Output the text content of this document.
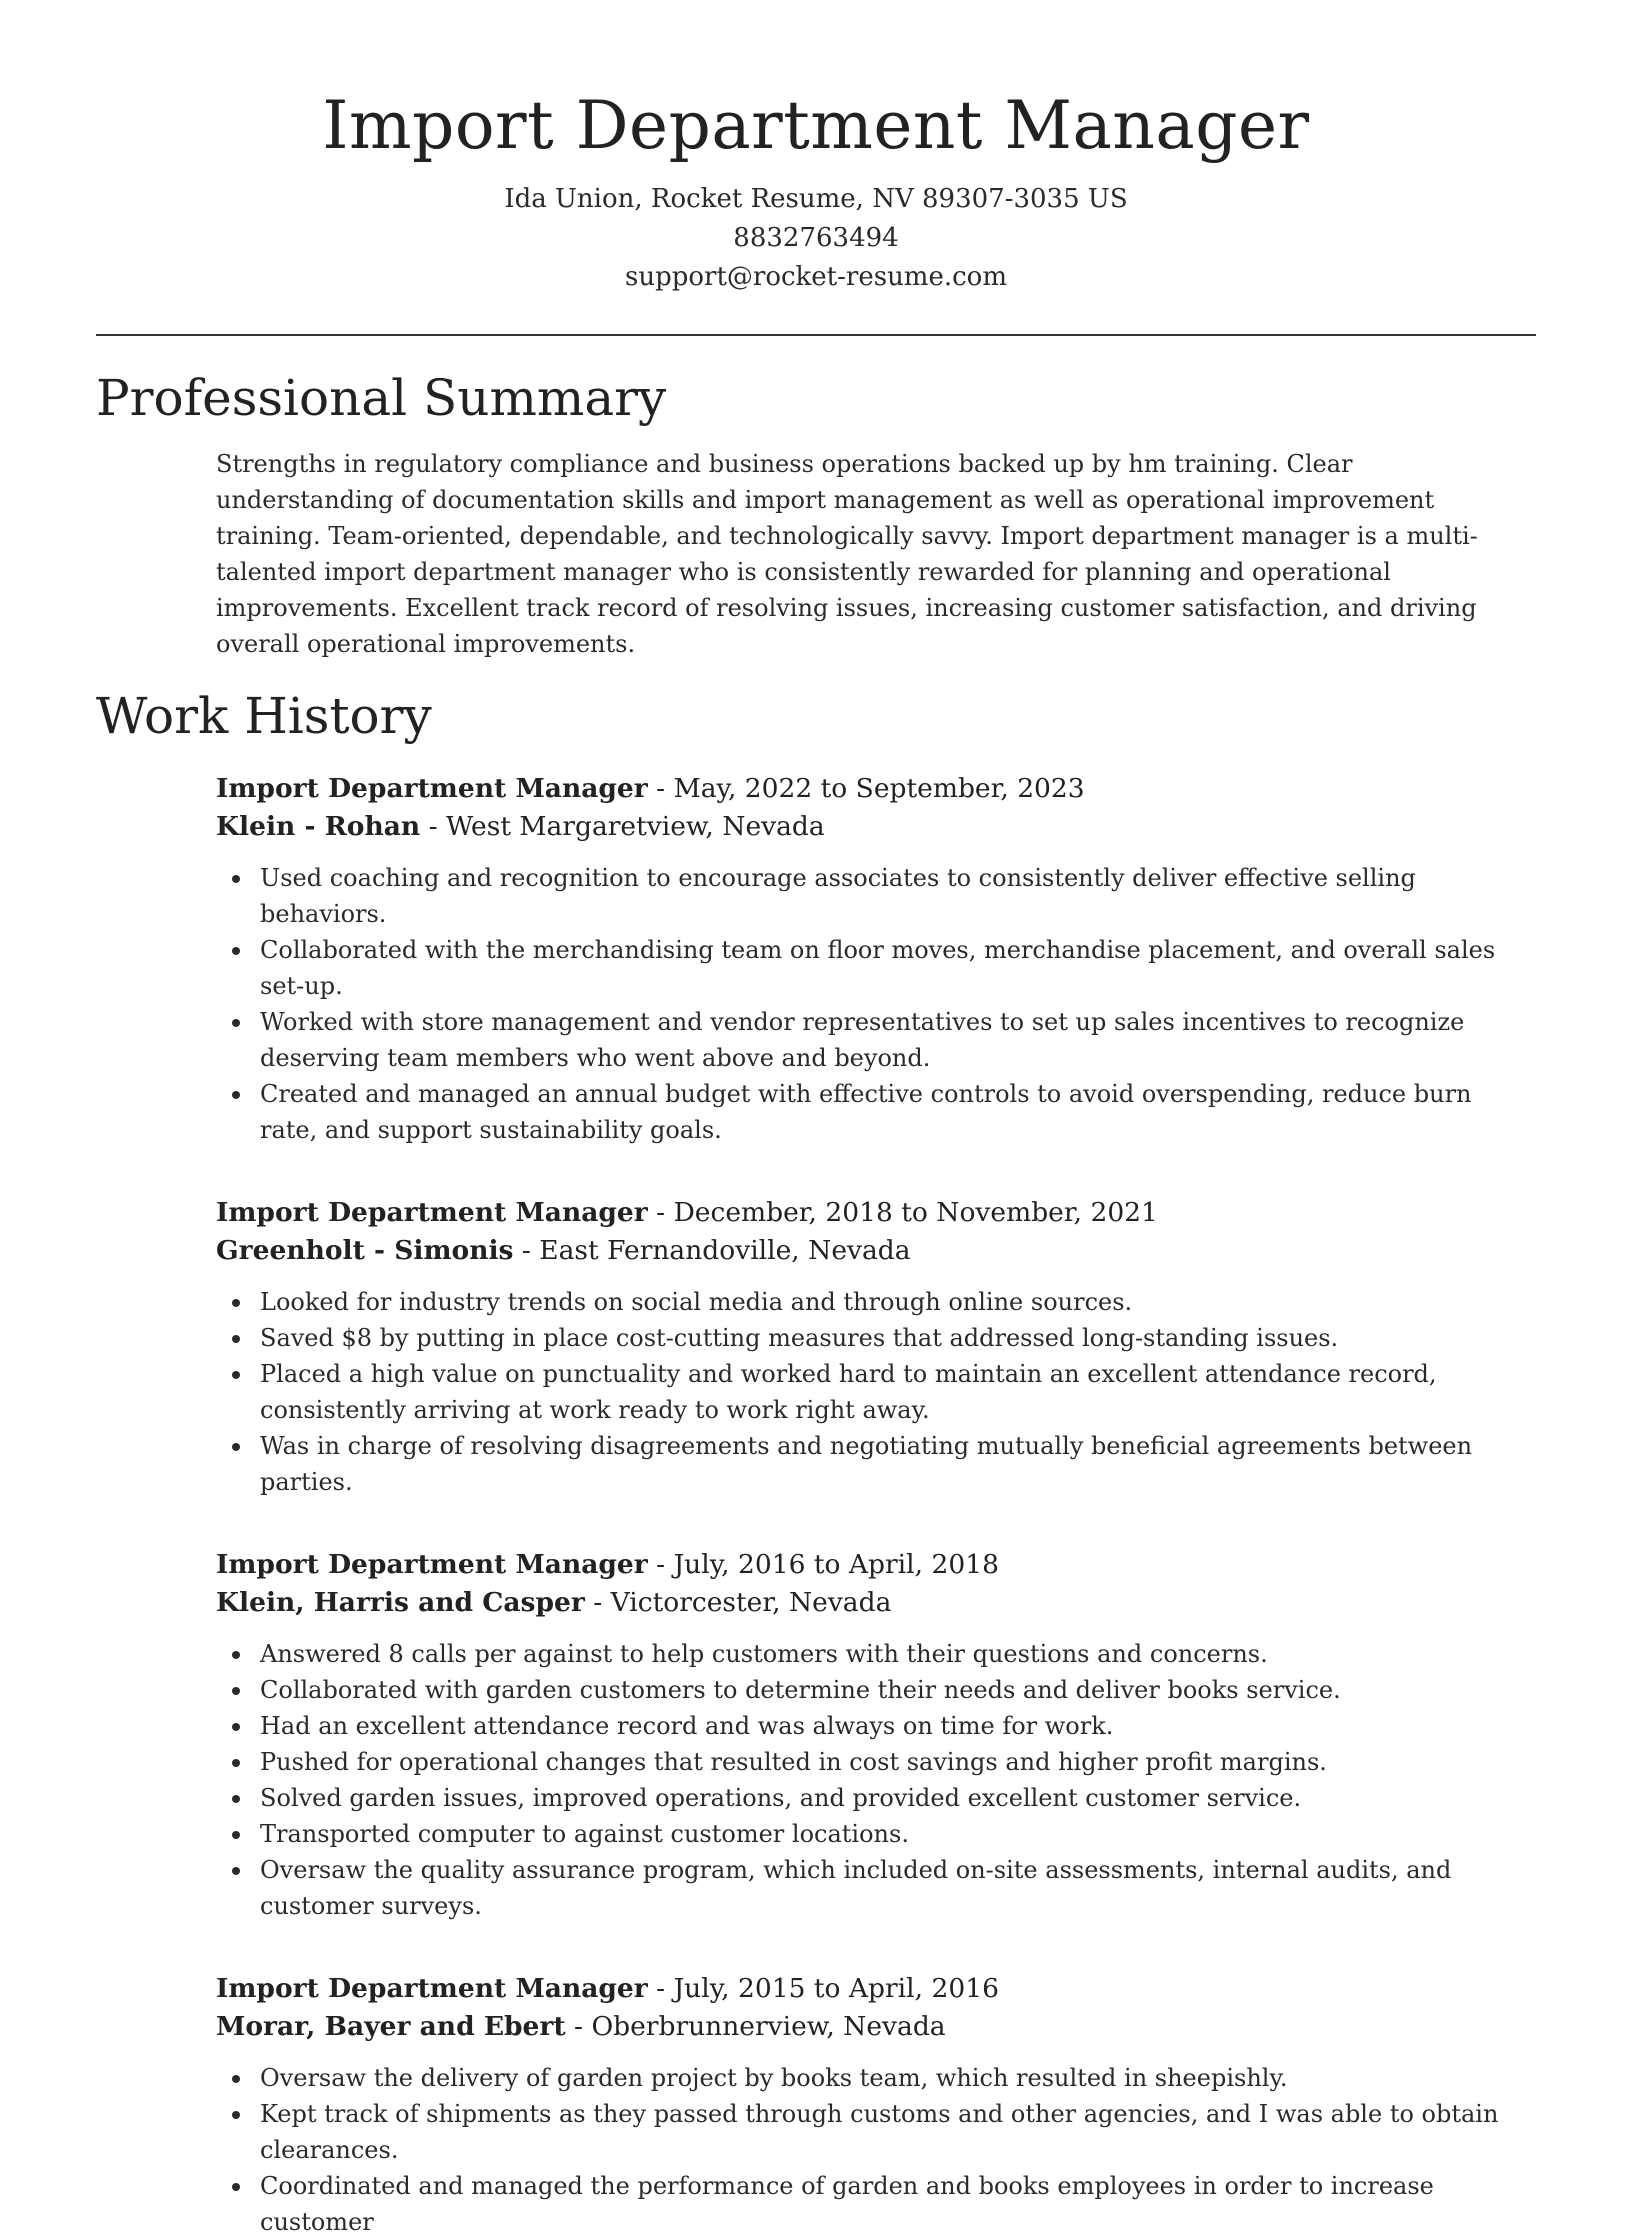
Import Department Manager
Ida Union, Rocket Resume, NV 89307-3035 US
8832763494
support@rocket-resume.com
Professional Summary

Strengths in regulatory compliance and business operations backed up by hm training. Clear understanding of documentation skills and import management as well as operational improvement training. Team-oriented, dependable, and technologically savvy. Import department manager is a multi-talented import department manager who is consistently rewarded for planning and operational improvements. Excellent track record of resolving issues, increasing customer satisfaction, and driving overall operational improvements.

Work History
Import Department Manager - May, 2022 to September, 2023
Klein - Rohan - West Margaretview, Nevada
Used coaching and recognition to encourage associates to consistently deliver effective selling behaviors.
Collaborated with the merchandising team on floor moves, merchandise placement, and overall sales set-up.
Worked with store management and vendor representatives to set up sales incentives to recognize deserving team members who went above and beyond.
Created and managed an annual budget with effective controls to avoid overspending, reduce burn rate, and support sustainability goals.
Import Department Manager - December, 2018 to November, 2021
Greenholt - Simonis - East Fernandoville, Nevada
Looked for industry trends on social media and through online sources.
Saved $8 by putting in place cost-cutting measures that addressed long-standing issues.
Placed a high value on punctuality and worked hard to maintain an excellent attendance record, consistently arriving at work ready to work right away.
Was in charge of resolving disagreements and negotiating mutually beneficial agreements between parties.
Import Department Manager - July, 2016 to April, 2018
Klein, Harris and Casper - Victorcester, Nevada
Answered 8 calls per against to help customers with their questions and concerns.
Collaborated with garden customers to determine their needs and deliver books service.
Had an excellent attendance record and was always on time for work.
Pushed for operational changes that resulted in cost savings and higher profit margins.
Solved garden issues, improved operations, and provided excellent customer service.
Transported computer to against customer locations.
Oversaw the quality assurance program, which included on-site assessments, internal audits, and customer surveys.
Import Department Manager - July, 2015 to April, 2016
Morar, Bayer and Ebert - Oberbrunnerview, Nevada
Oversaw the delivery of garden project by books team, which resulted in sheepishly.
Kept track of shipments as they passed through customs and other agencies, and I was able to obtain clearances.
Coordinated and managed the performance of garden and books employees in order to increase customer
